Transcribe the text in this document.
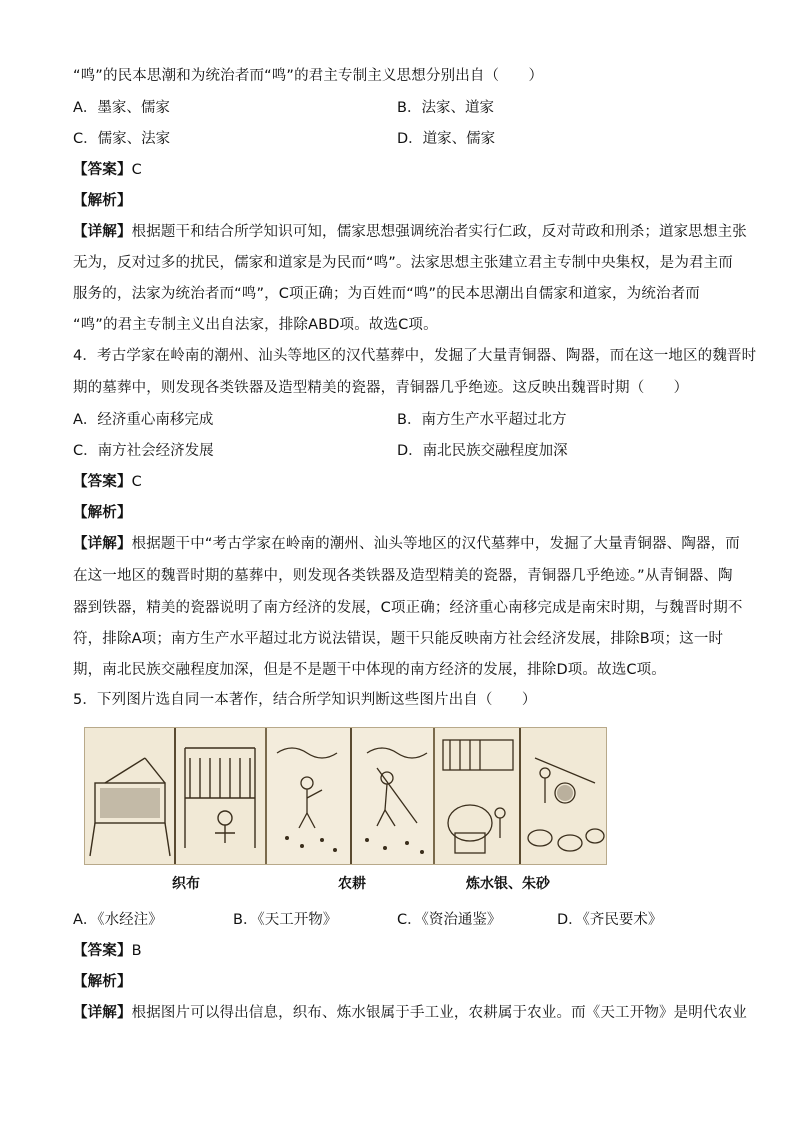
“鸣”的民本思潮和为统治者而“鸣”的君主专制主义思想分别出自（　　）
A．墨家、儒家	B．法家、道家
C．儒家、法家	D．道家、儒家
【答案】C
【解析】
【详解】根据题干和结合所学知识可知，儒家思想强调统治者实行仁政，反对苛政和刑杀；道家思想主张
无为，反对过多的扰民，儒家和道家是为民而“鸣”。法家思想主张建立君主专制中央集权，是为君主而
服务的，法家为统治者而“鸣”，C项正确；为百姓而“鸣”的民本思潮出自儒家和道家，为统治者而
“鸣”的君主专制主义出自法家，排除ABD项。故选C项。
4．考古学家在岭南的潮州、汕头等地区的汉代墓葬中，发掘了大量青铜器、陶器，而在这一地区的魏晋时
期的墓葬中，则发现各类铁器及造型精美的瓷器，青铜器几乎绝迹。这反映出魏晋时期（　　）
A．经济重心南移完成	B．南方生产水平超过北方
C．南方社会经济发展	D．南北民族交融程度加深
【答案】C
【解析】
【详解】根据题干中“考古学家在岭南的潮州、汕头等地区的汉代墓葬中，发掘了大量青铜器、陶器，而
在这一地区的魏晋时期的墓葬中，则发现各类铁器及造型精美的瓷器，青铜器几乎绝迹。”从青铜器、陶
器到铁器，精美的瓷器说明了南方经济的发展，C项正确；经济重心南移完成是南宋时期，与魏晋时期不
符，排除A项；南方生产水平超过北方说法错误，题干只能反映南方社会经济发展，排除B项；这一时
期，南北民族交融程度加深，但是不是题干中体现的南方经济的发展，排除D项。故选C项。
5．下列图片选自同一本著作，结合所学知识判断这些图片出自（　　）
织布	农耕	炼水银、朱砂
A．《水经注》	B．《天工开物》	C．《资治通鉴》	D．《齐民要术》
【答案】B
【解析】
【详解】根据图片可以得出信息，织布、炼水银属于手工业，农耕属于农业。而《天工开物》是明代农业
